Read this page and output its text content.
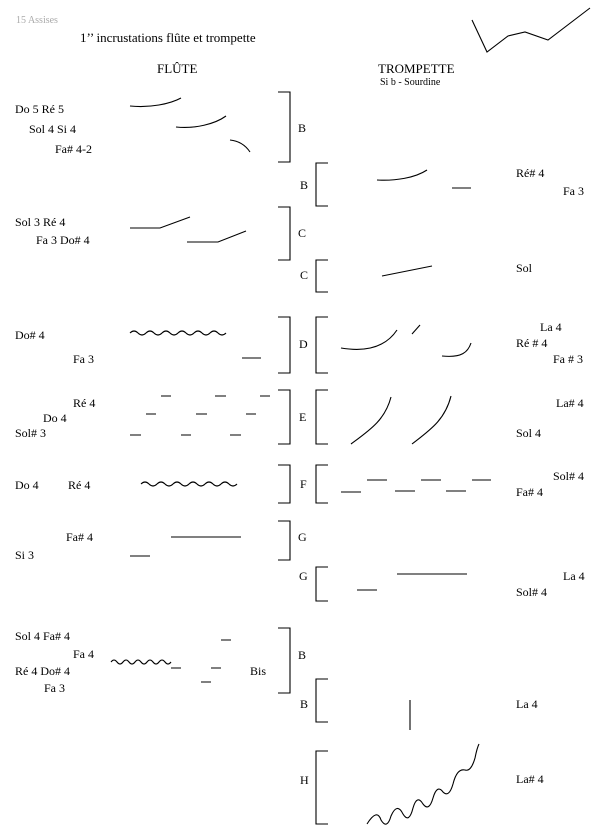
15 Assises
1’’ incrustations flûte et trompette
FLÛTE	TROMPETTE
Si b - Sourdine
B
B
C
C
D
E
F
G
G
B
B
H
Do 5 Ré 5
Sol 4 Si 4
Fa# 4-2
Sol 3 Ré 4
Fa 3 Do# 4
Do# 4
Fa 3
Ré 4
Do 4
Sol# 3
Do 4 Ré 4
Fa# 4
Si 3
Sol 4 Fa# 4
Fa 4
Ré 4 Do# 4
Fa 3
Bis
Ré# 4
Fa 3
Sol
La 4
Ré # 4
Fa # 3
La# 4
Sol 4
Sol# 4
Fa# 4
La 4
Sol# 4
La 4
La# 4
